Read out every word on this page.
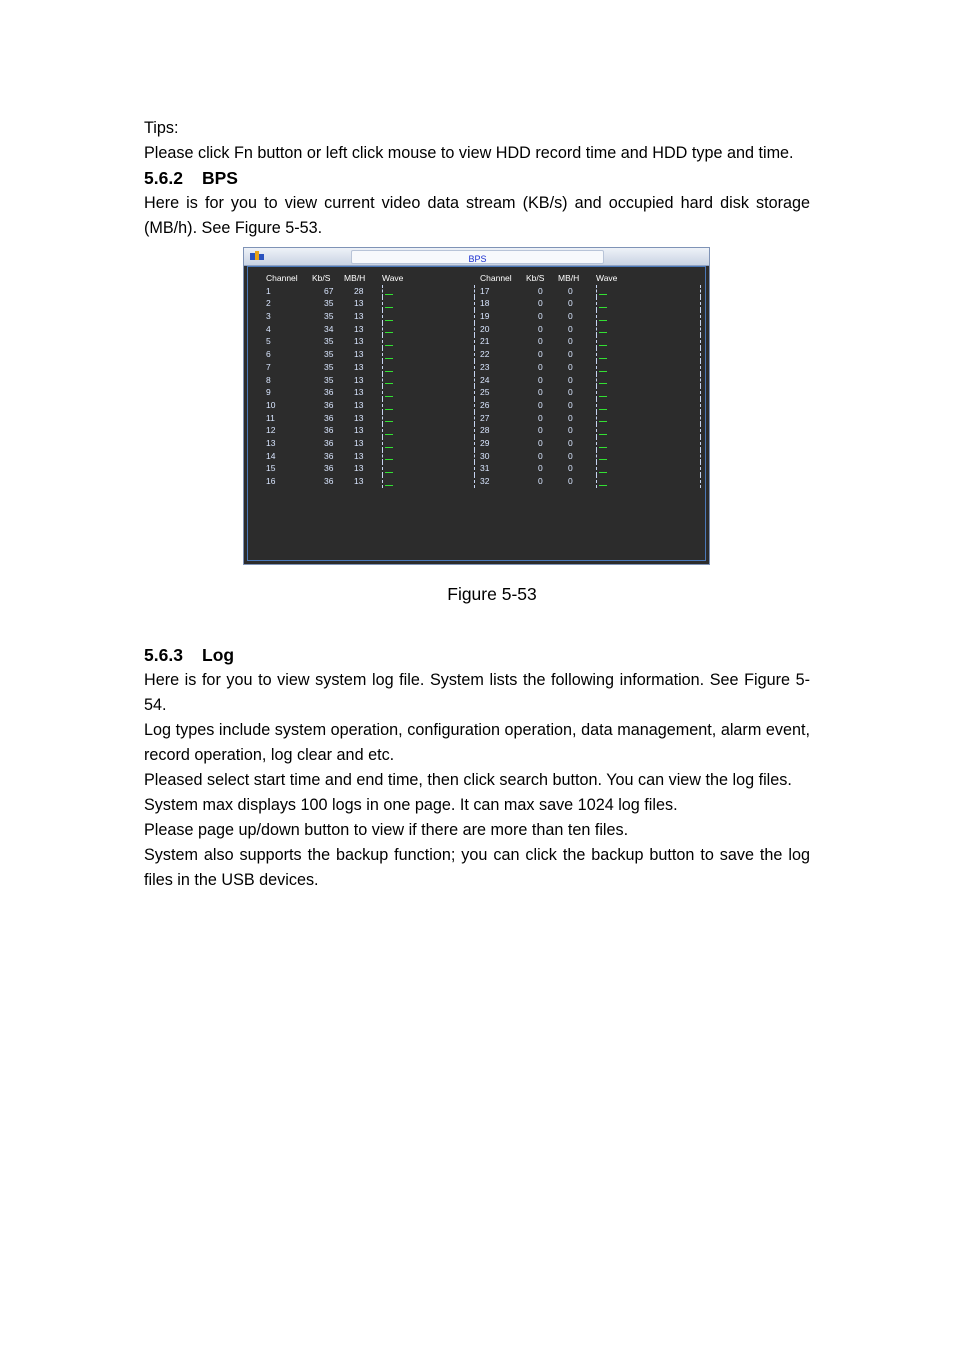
Tips:

Please click Fn button or left click mouse to view HDD record time and HDD type and time.

5.6.2 BPS

Here is for you to view current video data stream (KB/s) and occupied hard disk storage (MB/h). See Figure 5-53.

BPS
Channel Kb/S MB/H Wave
1	67 28
2	35 13
3	35 13
4	34 13
5	35 13
6	35 13
7	35 13
8	35 13
9	36 13
10	36 13
11	36 13
12	36 13
13	36 13
14	36 13
15	36 13
16	36 13
Channel Kb/S MB/H Wave
17	0	0
18	0	0
19	0	0
20	0	0
21	0	0
22	0	0
23	0	0
24	0	0
25	0	0
26	0	0
27	0	0
28	0	0
29	0	0
30	0	0
31	0	0
32	0	0
Figure 5-53
5.6.3 Log

Here is for you to view system log file. System lists the following information. See Figure 5-54.

Log types include system operation, configuration operation, data management, alarm event, record operation, log clear and etc.

Pleased select start time and end time, then click search button. You can view the log files.

System max displays 100 logs in one page. It can max save 1024 log files.

Please page up/down button to view if there are more than ten files.

System also supports the backup function; you can click the backup button to save the log files in the USB devices.
